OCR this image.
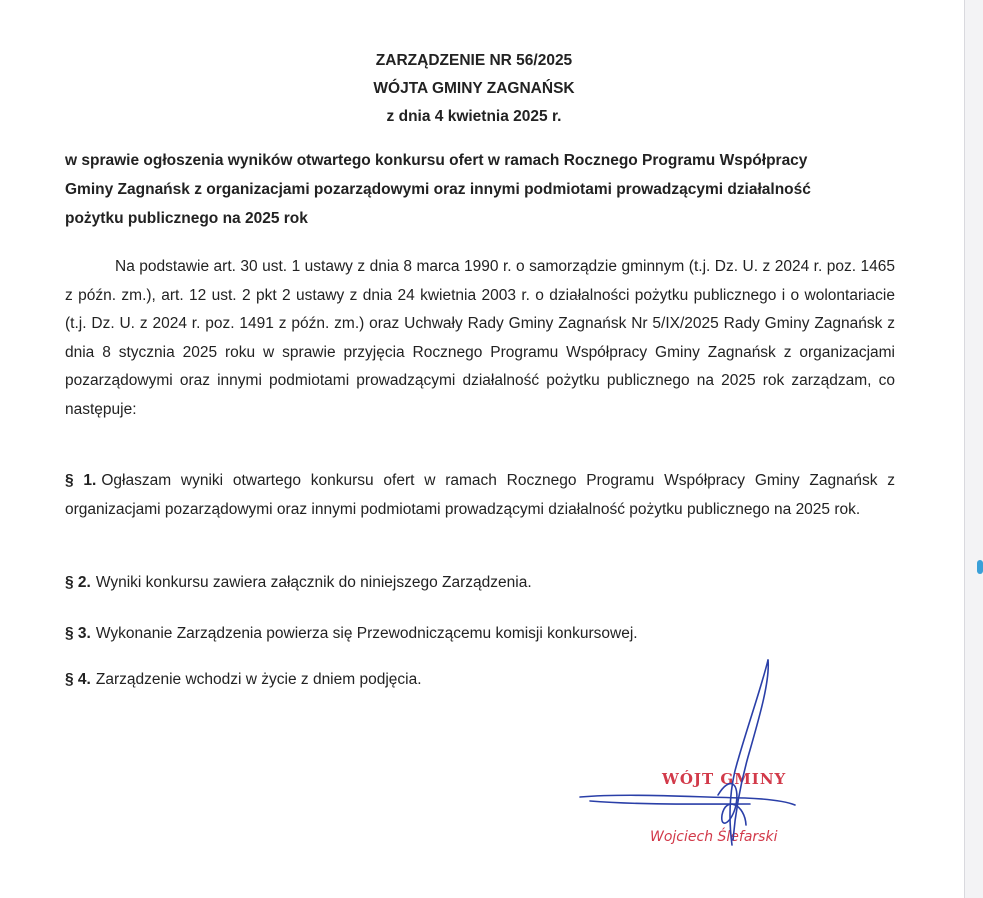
ZARZĄDZENIE NR 56/2025
WÓJTA GMINY ZAGNAŃSK
z dnia 4 kwietnia 2025 r.
w sprawie ogłoszenia wyników otwartego konkursu ofert w ramach Rocznego Programu Współpracy
Gminy Zagnańsk z organizacjami pozarządowymi oraz innymi podmiotami prowadzącymi działalność
pożytku publicznego na 2025 rok
Na podstawie art. 30 ust. 1 ustawy z dnia 8 marca 1990 r. o samorządzie gminnym (t.j. Dz. U. z 2024 r. poz. 1465 z późn. zm.), art. 12 ust. 2 pkt 2 ustawy z dnia 24 kwietnia 2003 r. o działalności pożytku publicznego i o wolontariacie (t.j. Dz. U. z 2024 r. poz. 1491 z późn. zm.) oraz Uchwały Rady Gminy Zagnańsk Nr 5/IX/2025 Rady Gminy Zagnańsk z dnia 8 stycznia 2025 roku w sprawie przyjęcia Rocznego Programu Współpracy Gminy Zagnańsk z organizacjami pozarządowymi oraz innymi podmiotami prowadzącymi działalność pożytku publicznego na 2025 rok zarządzam, co następuje:
§ 1. Ogłaszam wyniki otwartego konkursu ofert w ramach Rocznego Programu Współpracy Gminy Zagnańsk z organizacjami pozarządowymi oraz innymi podmiotami prowadzącymi działalność pożytku publicznego na 2025 rok.
§ 2. Wyniki konkursu zawiera załącznik do niniejszego Zarządzenia.
§ 3. Wykonanie Zarządzenia powierza się Przewodniczącemu komisji konkursowej.
§ 4. Zarządzenie wchodzi w życie z dniem podjęcia.
WÓJT GMINY
Wojciech Ślefarski
